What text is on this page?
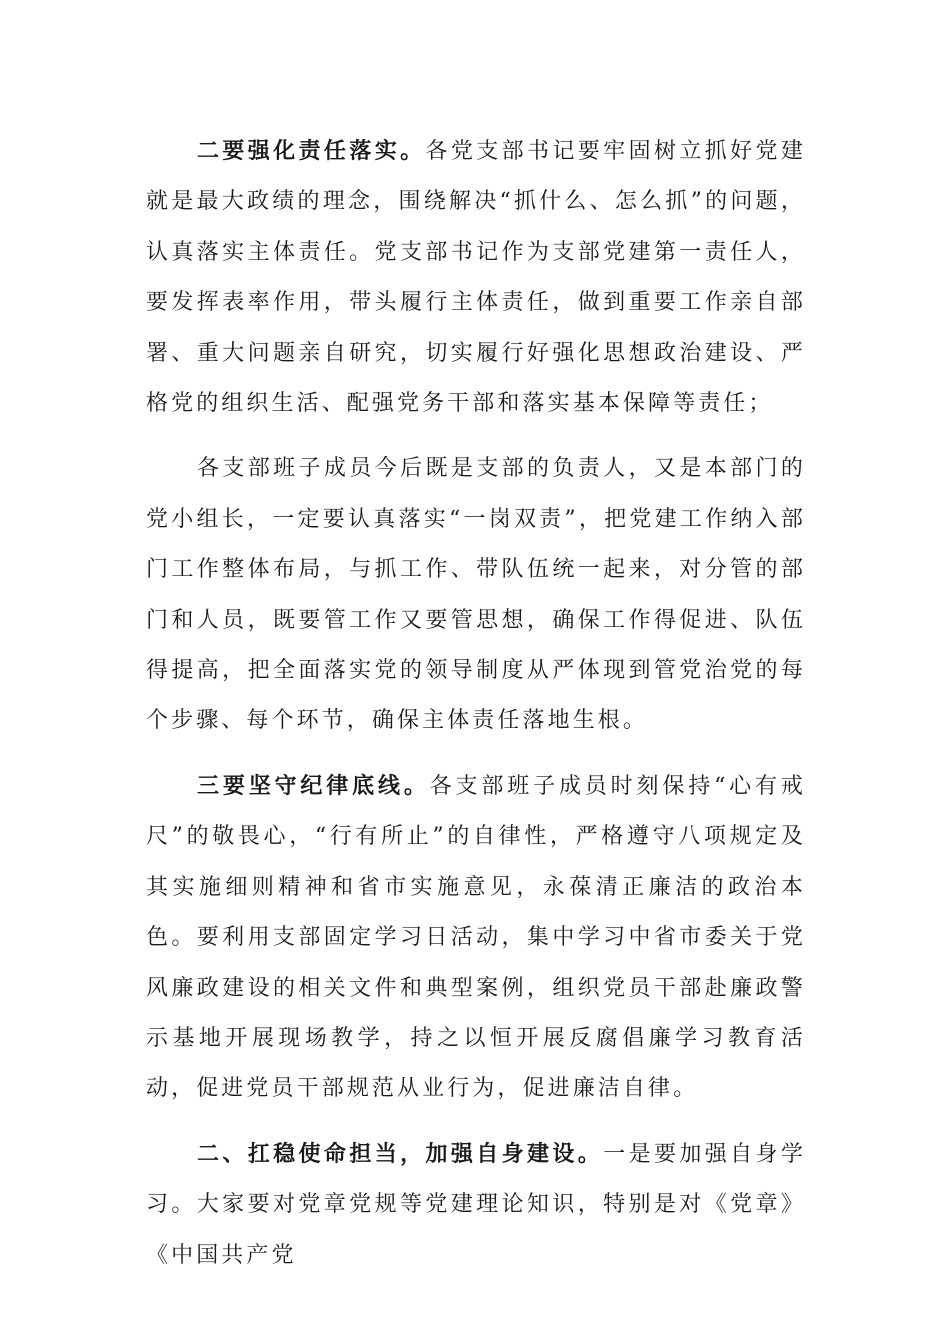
二要强化责任落实。各党支部书记要牢固树立抓好党建就是最大政绩的理念，围绕解决“抓什么、怎么抓”的问题，认真落实主体责任。党支部书记作为支部党建第一责任人，要发挥表率作用，带头履行主体责任，做到重要工作亲自部署、重大问题亲自研究，切实履行好强化思想政治建设、严格党的组织生活、配强党务干部和落实基本保障等责任；

各支部班子成员今后既是支部的负责人，又是本部门的党小组长，一定要认真落实“一岗双责”，把党建工作纳入部门工作整体布局，与抓工作、带队伍统一起来，对分管的部门和人员，既要管工作又要管思想，确保工作得促进、队伍得提高，把全面落实党的领导制度从严体现到管党治党的每个步骤、每个环节，确保主体责任落地生根。

三要坚守纪律底线。各支部班子成员时刻保持“心有戒尺”的敬畏心，“行有所止”的自律性，严格遵守八项规定及其实施细则精神和省市实施意见，永葆清正廉洁的政治本色。要利用支部固定学习日活动，集中学习中省市委关于党风廉政建设的相关文件和典型案例，组织党员干部赴廉政警示基地开展现场教学，持之以恒开展反腐倡廉学习教育活动，促进党员干部规范从业行为，促进廉洁自律。

二、扛稳使命担当，加强自身建设。一是要加强自身学习。大家要对党章党规等党建理论知识，特别是对《党章》《中国共产党
